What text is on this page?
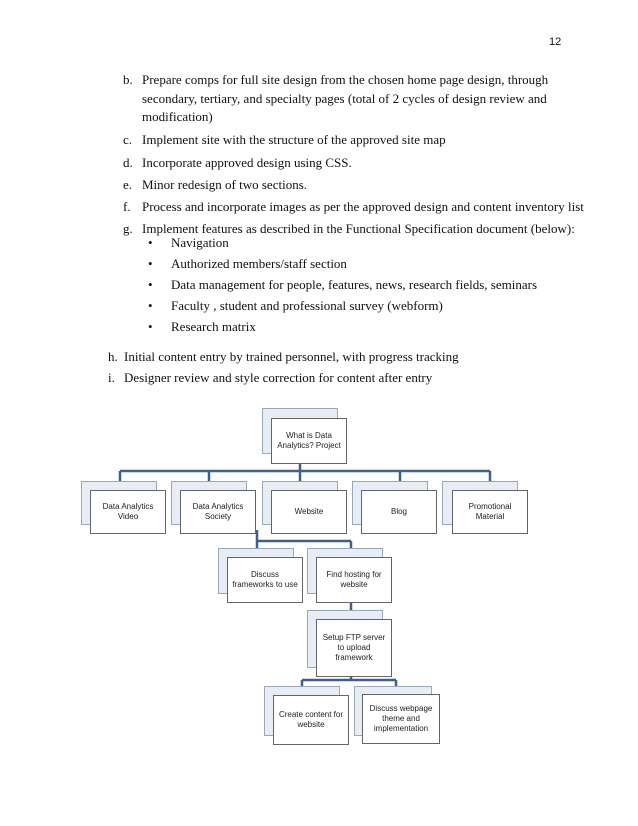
12
b. Prepare comps for full site design from the chosen home page design, through
secondary, tertiary, and specialty pages (total of 2 cycles of design review and
modification)
c. Implement site with the structure of the approved site map
d. Incorporate approved design using CSS.
e. Minor redesign of two sections.
f. Process and incorporate images as per the approved design and content inventory list
g. Implement features as described in the Functional Specification document (below):
• Navigation
• Authorized members/staff section
• Data management for people, features, news, research fields, seminars
• Faculty , student and professional survey (webform)
• Research matrix
h. Initial content entry by trained personnel, with progress tracking
i. Designer review and style correction for content after entry
What is Data Analytics? Project
Data Analytics Video
Data Analytics Society
Website	Blog
Promotional Material
Discuss frameworks to use
Find hosting for website
Setup FTP server to upload framework
Create content for website
Discuss webpage theme and implementation
